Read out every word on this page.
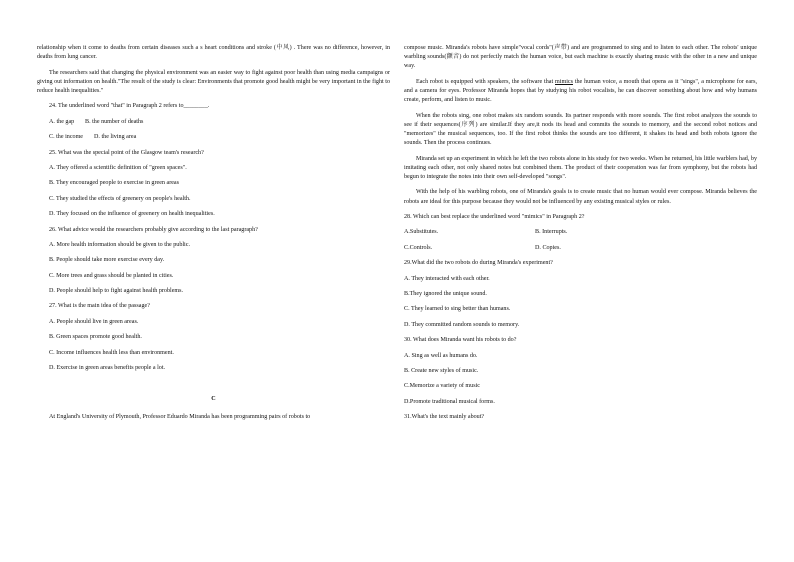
relationship when it come to deaths from certain diseases such a s heart conditions and stroke (中风) . There was no difference, however, in deaths from lung cancer.

The researchers said that changing the physical environment was an easier way to fight against poor health than using media campaigns or giving out information on health."The result of the study is clear: Environments that promote good health might be very important in the fight to reduce health inequalities."

24. The underlined word "that" in Paragraph 2 refers to________.

A. the gap	B. the number of deaths
C. the income	D. the living area

25. What was the special point of the Glasgow team's research?

A. They offered a scientific definition of "green spaces".

B. They encouraged people to exercise in green areas

C. They studied the effects of greenery on people's health.

D. They focused on the influence of greenery on health inequalities.

26. What advice would the researchers probably give according to the last paragraph?

A. More health information should be given to the public.

B. People should take more exercise every day.

C. More trees and grass should be planted in cities.

D. People should help to fight against health problems.

27. What is the main idea of the passage?

A. People should live in green areas.

B. Green spaces promote good health.

C. Income influences health less than environment.

D. Exercise in green areas benefits people a lot.

C

At England's University of Plymouth, Professor Eduardo Miranda has been programming pairs of robots to

compose music. Miranda's robots have simple"vocal cords"(声带) and are programmed to sing and to listen to each other. The robots' unique warbling sounds(颤音) do not perfectly match the human voice, but each machine is exactly sharing music with the other in a new and unique way.

Each robot is equipped with speakers, the software that mimics the human voice, a mouth that opens as it "sings", a microphone for ears, and a camera for eyes. Professor Miranda hopes that by studying his robot vocalists, he can discover something about how and why humans create, perform, and listen to music.

When the robots sing, one robot makes six random sounds. Its partner responds with more sounds. The first robot analyzes the sounds to see if their sequences(序列) are similar.If they are,it nods its head and commits the sounds to memory, and the second robot notices and "memorizes" the musical sequences, too. If the first robot thinks the sounds are too different, it shakes its head and both robots ignore the sounds. Then the process continues.

Miranda set up an experiment in which he left the two robots alone in his study for two weeks. When he returned, his little warblers had, by imitating each other, not only shared notes but combined them. The product of their cooperation was far from symphony, but the robots had begun to integrate the notes into their own self-developed "songs".

With the help of his warbling robots, one of Miranda's goals is to create music that no human would ever compose. Miranda believes the robots are ideal for this purpose because they would not be influenced by any existing musical styles or rules.

28. Which can best replace the underlined word "mimics" in Paragraph 2?

A.Substitutes.	B. Interrupts.
C.Controls.	D. Copies.

29.What did the two robots do during Miranda's experiment?

A. They interacted with each other.

B.They ignored the unique sound.

C. They learned to sing better than humans.

D. They committed random sounds to memory.

30. What does Miranda want his robots to do?

A. Sing as well as humans do.

B. Create new styles of music.

C.Memorize a variety of music

D.Promote traditional musical forms.

31.What's the text mainly about?
